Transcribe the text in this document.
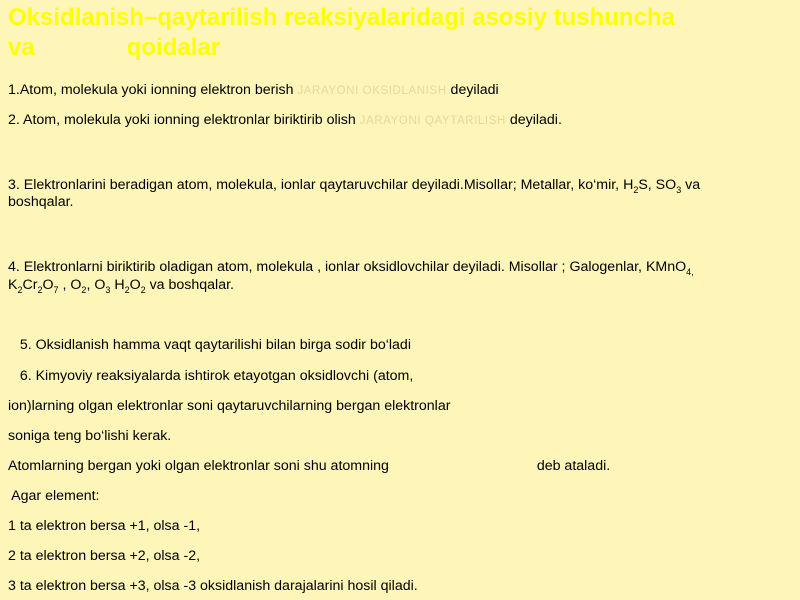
Oksidlanish–qaytarilish reaksiyalaridagi asosiy tushuncha
va	qoidalar

1.Atom, molekula yoki ionning elektron berish JARAYONI OKSIDLANISH deyiladi

2. Atom, molekula yoki ionning elektronlar biriktirib olish JARAYONI QAYTARILISH deyiladi.

3. Elektronlarini beradigan atom, molekula, ionlar qaytaruvchilar deyiladi.Misollar; Metallar, ko‘mir, $H_2S$, $SO_3$ va

boshqalar.

4. Elektronlarni biriktirib oladigan atom, molekula , ionlar oksidlovchilar deyiladi. Misollar ; Galogenlar, KMnO$_{4,}$

$K_2Cr_2O_7$ , $O_2$, $O_3$ $H_2O_2$ va boshqalar.

5. Oksidlanish hamma vaqt qaytarilishi bilan birga sodir bo‘ladi

6. Kimyoviy reaksiyalarda ishtirok etayotgan oksidlovchi (atom,

ion)larning olgan elektronlar soni qaytaruvchilarning bergan elektronlar

soniga teng bo‘lishi kerak.

Atomlarning bergan yoki olgan elektronlar soni shu atomning	deb ataladi.

Agar element:

1 ta elektron bersa +1, olsa -1,

2 ta elektron bersa +2, olsa -2,

3 ta elektron bersa +3, olsa -3 oksidlanish darajalarini hosil qiladi.
